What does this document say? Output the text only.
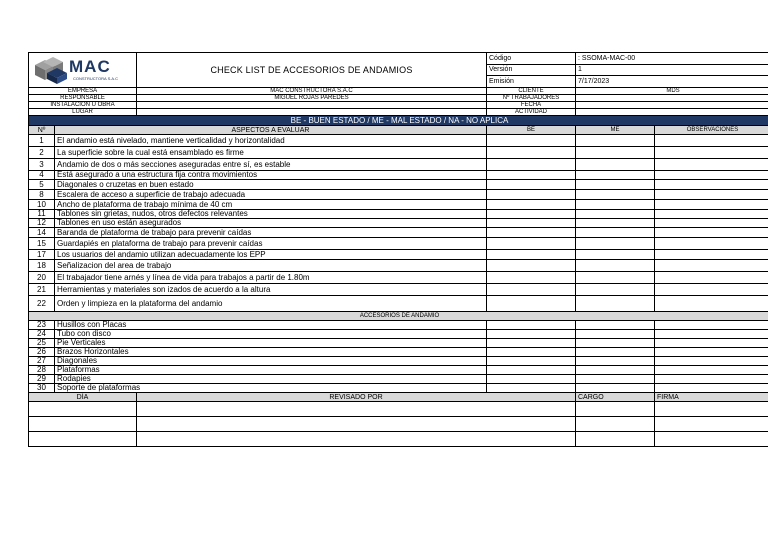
MAC
CONSTRUCTORA S.A.C		CHECK LIST DE ACCESORIOS DE ANDAMIOS	Código	: SSOMA-MAC-00	
			Versión	1	
			Emisión	7/17/2023	
EMPRESA		MAC CONSTRUCTORA S.A.C	CLIENTE	MDS	
RESPONSABLE		MIGUEL ROJAS PAREDES	Nº TRABAJADORES		
INSTALACION U OBRA			FECHA		
LUGAR			ACTIVIDAD		
BE - BUEN ESTADO / ME - MAL ESTADO / NA - NO APLICA					
Nº	ASPECTOS A EVALUAR		BE	ME	OBSERVACIONES
1	El andamio está nivelado, mantiene verticalidad y horizontalidad				
2	La superficie sobre la cual está ensamblado es firme				
3	Andamio de dos o más secciones aseguradas entre sí, es estable				
4	Está asegurado a una estructura fija contra movimientos				
5	Diagonales o cruzetas en buen estado				
8	Escalera de acceso a superficie de trabajo adecuada				
10	Ancho de plataforma de trabajo mínima de 40 cm				
11	Tablones sin grietas, nudos, otros defectos relevantes				
12	Tablones en uso están asegurados				
14	Baranda de plataforma de trabajo para prevenir caídas				
15	Guardapiés en plataforma de trabajo para prevenir caídas				
17	Los usuarios del andamio utilizan adecuadamente los EPP				
18	Señalizacion del area de trabajo				
20	El trabajador tiene arnés y línea de vida para trabajos a partir de 1.80m				
21	Herramientas y materiales son izados de acuerdo a la altura				
22	Orden y limpieza en la plataforma del andamio				
ACCESORIOS DE ANDAMIO					
23	Husillos con Placas				
24	Tubo con disco				
25	Pie Verticales				
26	Brazos Horizontales				
27	Diagonales				
28	Plataformas				
29	Rodapies				
30	Soporte de plataformas				
DÍA		REVISADO POR		CARGO	FIRMA
